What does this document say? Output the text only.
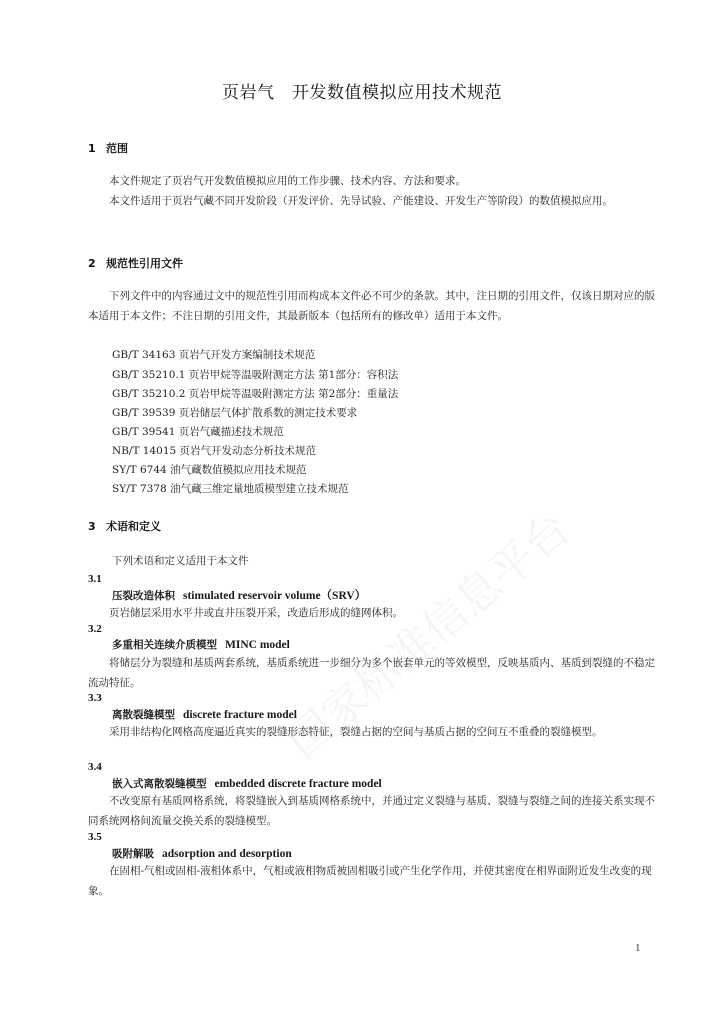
页岩气　开发数值模拟应用技术规范
1 范围
本文件规定了页岩气开发数值模拟应用的工作步骤、技术内容、方法和要求。
本文件适用于页岩气藏不同开发阶段（开发评价、先导试验、产能建设、开发生产等阶段）的数值模拟应用。
2 规范性引用文件
下列文件中的内容通过文中的规范性引用而构成本文件必不可少的条款。其中，注日期的引用文件，仅该日期对应的版本适用于本文件；不注日期的引用文件，其最新版本（包括所有的修改单）适用于本文件。
GB/T 34163 页岩气开发方案编制技术规范
GB/T 35210.1 页岩甲烷等温吸附测定方法 第1部分：容积法
GB/T 35210.2 页岩甲烷等温吸附测定方法 第2部分：重量法
GB/T 39539 页岩储层气体扩散系数的测定技术要求
GB/T 39541 页岩气藏描述技术规范
NB/T 14015 页岩气开发动态分析技术规范
SY/T 6744 油气藏数值模拟应用技术规范
SY/T 7378 油气藏三维定量地质模型建立技术规范
3 术语和定义
下列术语和定义适用于本文件
3.1
压裂改造体积 stimulated reservoir volume（SRV）
页岩储层采用水平井或直井压裂开采，改造后形成的缝网体积。
3.2
多重相关连续介质模型 MINC model
将储层分为裂缝和基质两套系统，基质系统进一步细分为多个嵌套单元的等效模型，反映基质内、基质到裂缝的不稳定流动特征。
3.3
离散裂缝模型 discrete fracture model
采用非结构化网格高度逼近真实的裂缝形态特征，裂缝占据的空间与基质占据的空间互不重叠的裂缝模型。
3.4
嵌入式离散裂缝模型 embedded discrete fracture model
不改变原有基质网格系统，将裂缝嵌入到基质网格系统中，并通过定义裂缝与基质、裂缝与裂缝之间的连接关系实现不同系统网格间流量交换关系的裂缝模型。
3.5
吸附解吸 adsorption and desorption
在固相-气相或固相-液相体系中，气相或液相物质被固相吸引或产生化学作用，并使其密度在相界面附近发生改变的现象。
1
